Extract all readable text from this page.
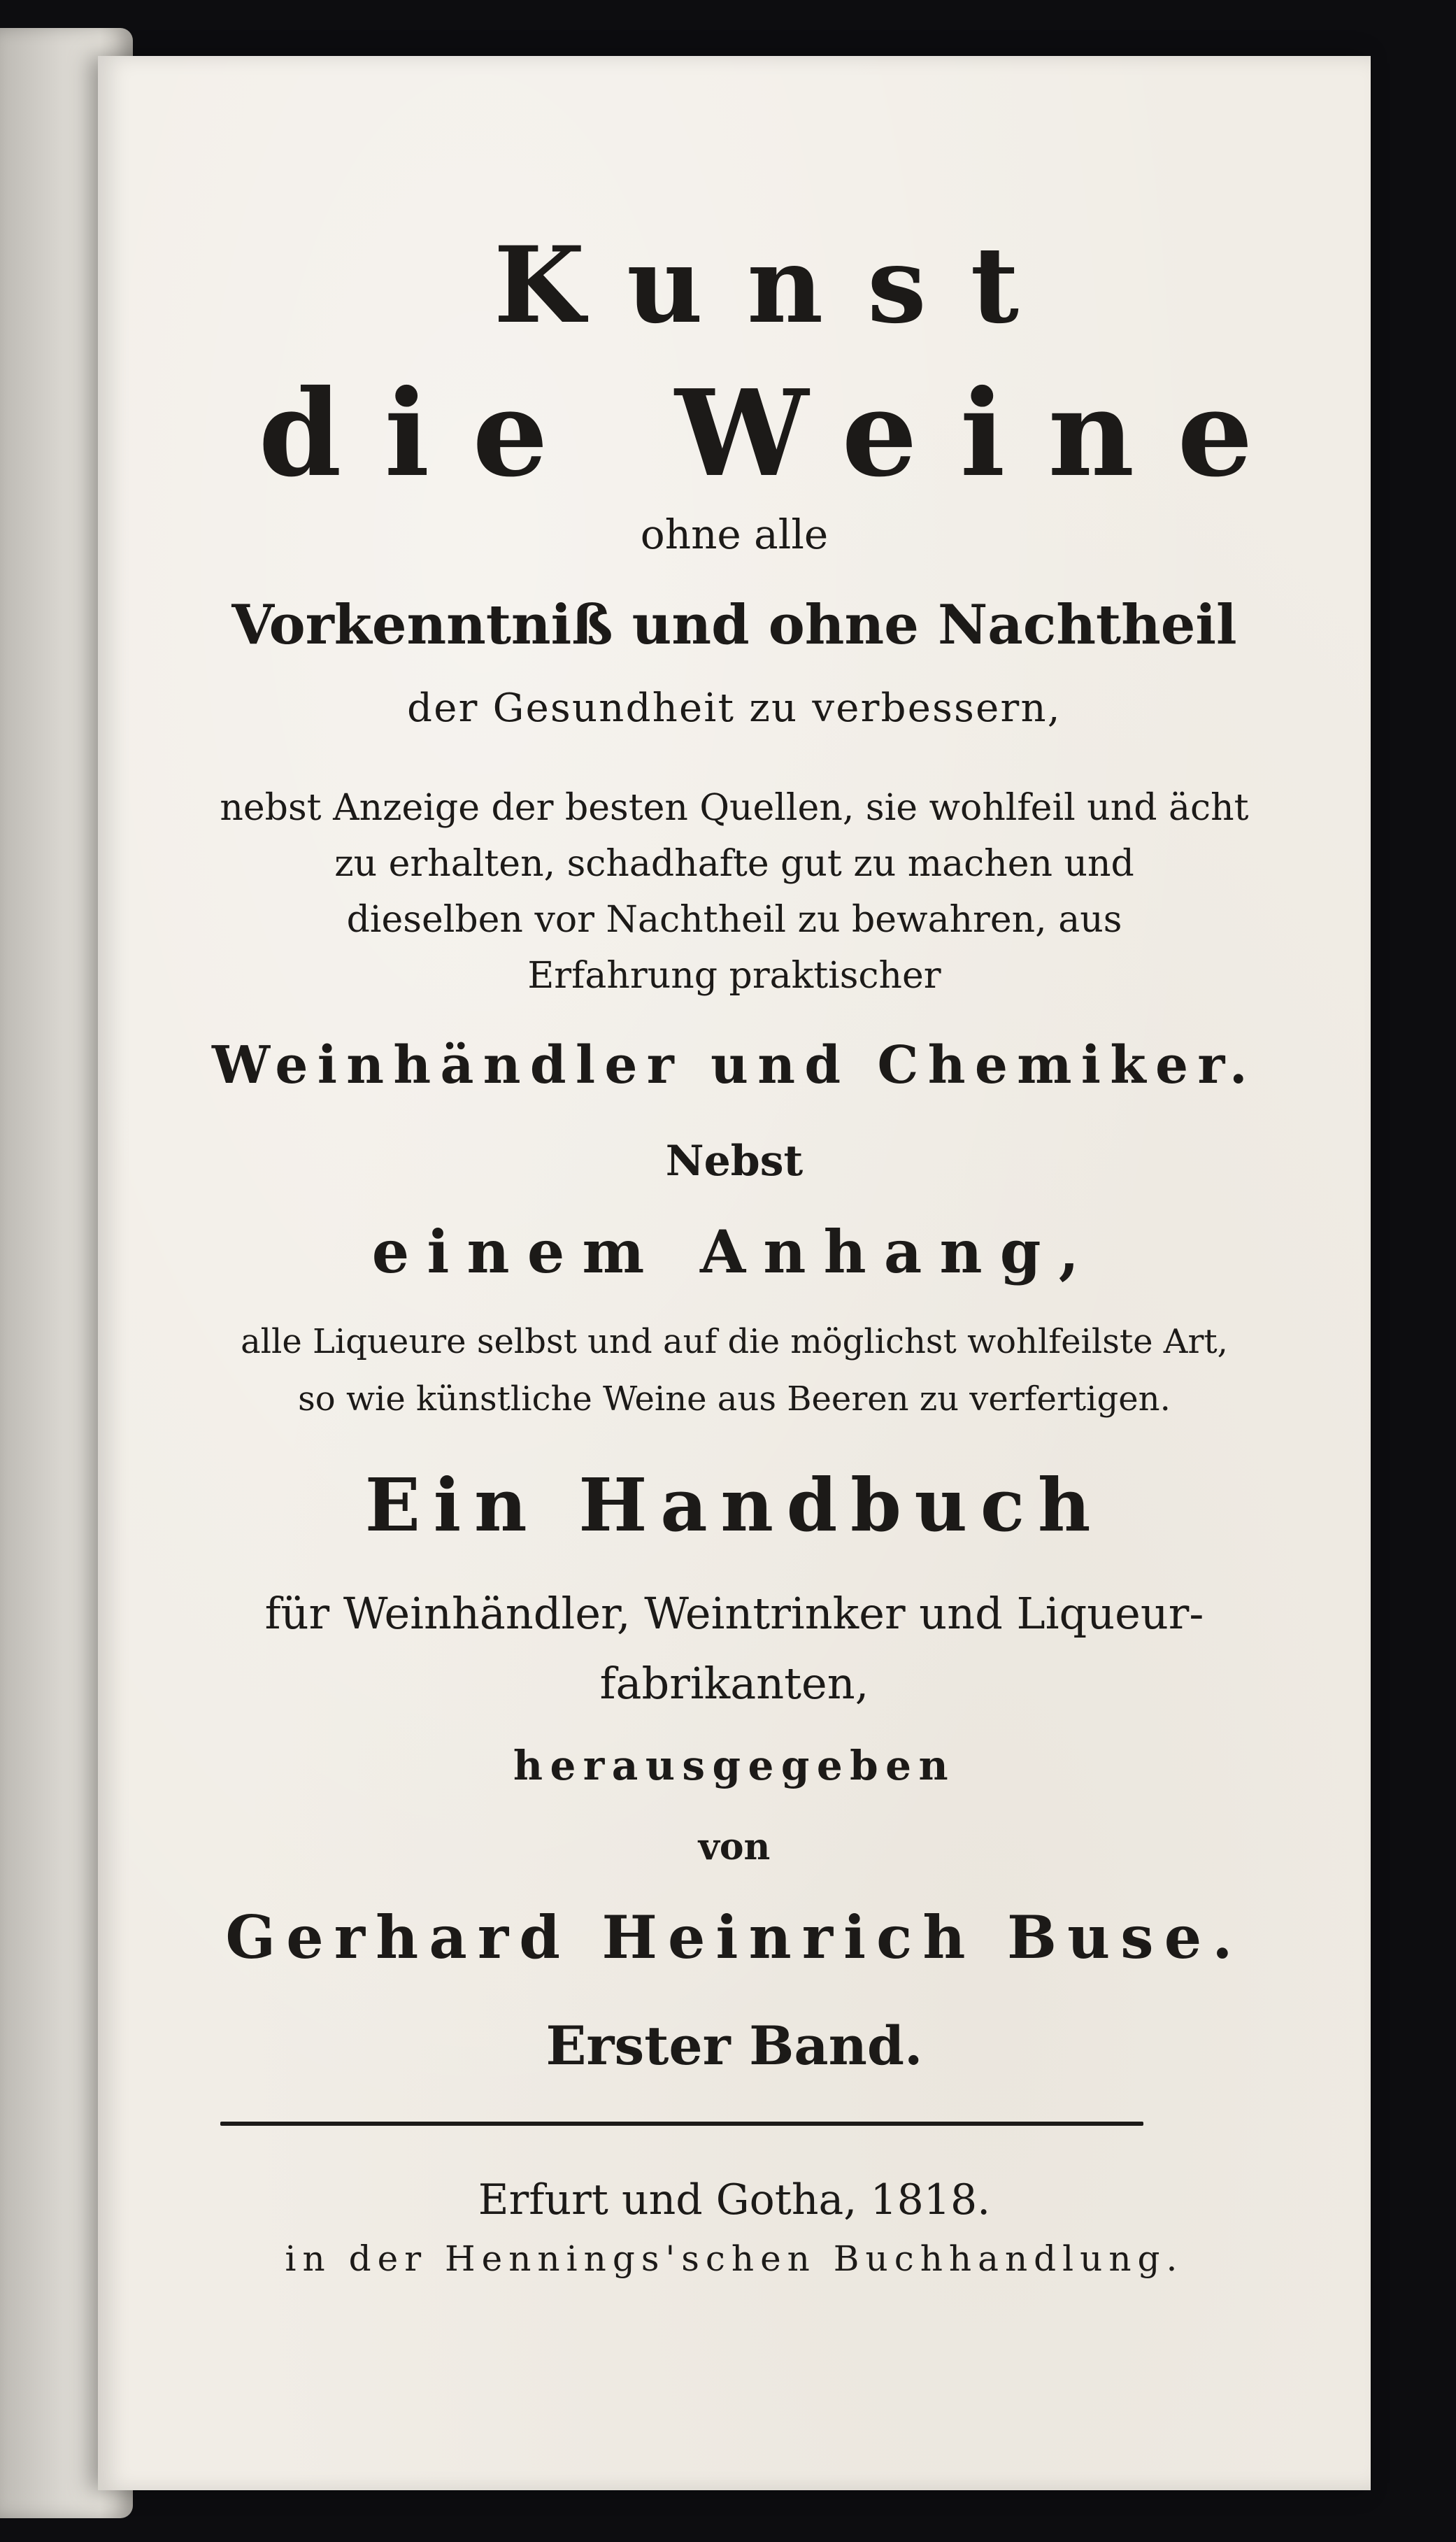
Kunst
die Weine
ohne alle
Vorkenntniß und ohne Nachtheil
der Gesundheit zu verbessern,
nebst Anzeige der besten Quellen, sie wohlfeil und ächt
zu erhalten, schadhafte gut zu machen und
dieselben vor Nachtheil zu bewahren, aus
Erfahrung praktischer
Weinhändler und Chemiker.
Nebst
einem Anhang,
alle Liqueure selbst und auf die möglichst wohlfeilste Art,
so wie künstliche Weine aus Beeren zu verfertigen.
Ein Handbuch
für Weinhändler, Weintrinker und Liqueur-
fabrikanten,
herausgegeben
von
Gerhard Heinrich Buse.
Erster Band.
Erfurt und Gotha, 1818.
in der Hennings'schen Buchhandlung.
